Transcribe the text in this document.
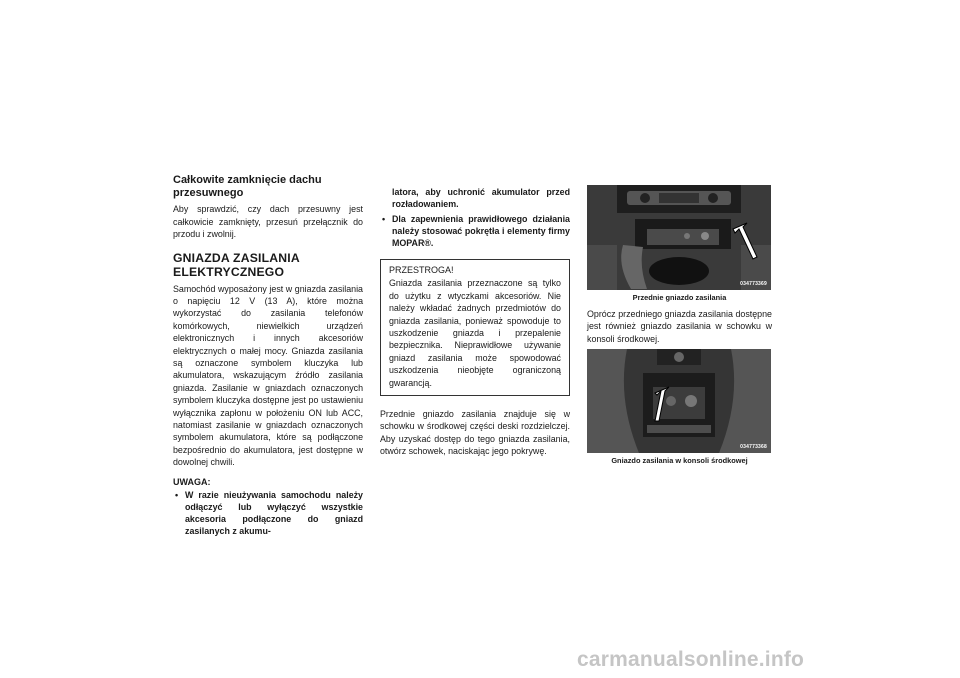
Całkowite zamknięcie dachu przesuwnego

Aby sprawdzić, czy dach przesuwny jest całkowicie zamknięty, przesuń przełącznik do przodu i zwolnij.

GNIAZDA ZASILANIA ELEKTRYCZNEGO

Samochód wyposażony jest w gniazda zasilania o napięciu 12 V (13 A), które można wykorzystać do zasilania telefonów komórkowych, niewielkich urządzeń elektronicznych i innych akcesoriów elektrycznych o małej mocy. Gniazda zasilania są oznaczone symbolem kluczyka lub akumulatora, wskazującym źródło zasilania gniazda. Zasilanie w gniazdach oznaczonych symbolem kluczyka dostępne jest po ustawieniu wyłącznika zapłonu w położeniu ON lub ACC, natomiast zasilanie w gniazdach oznaczonych symbolem akumulatora, które są podłączone bezpośrednio do akumulatora, jest dostępne w dowolnej chwili.

UWAGA:
• W razie nieużywania samochodu należy odłączyć lub wyłączyć wszystkie akcesoria podłączone do gniazd zasilanych z akumu-

latora, aby uchronić akumulator przed rozładowaniem.

• Dla zapewnienia prawidłowego działania należy stosować pokrętła i elementy firmy MOPAR®.
PRZESTROGA!

Gniazda zasilania przeznaczone są tylko do użytku z wtyczkami akcesoriów. Nie należy wkładać żadnych przedmiotów do gniazda zasilania, ponieważ spowoduje to uszkodzenie gniazda i przepalenie bezpiecznika. Nieprawidłowe używanie gniazd zasilania może spowodować uszkodzenia nieobjęte ograniczoną gwarancją.

Przednie gniazdo zasilania znajduje się w schowku w środkowej części deski rozdzielczej. Aby uzyskać dostęp do tego gniazda zasilania, otwórz schowek, naciskając jego pokrywę.

034773369
Przednie gniazdo zasilania

Oprócz przedniego gniazda zasilania dostępne jest również gniazdo zasilania w schowku w konsoli środkowej.

034773368
Gniazdo zasilania w konsoli środkowej
carmanualsonline.info
